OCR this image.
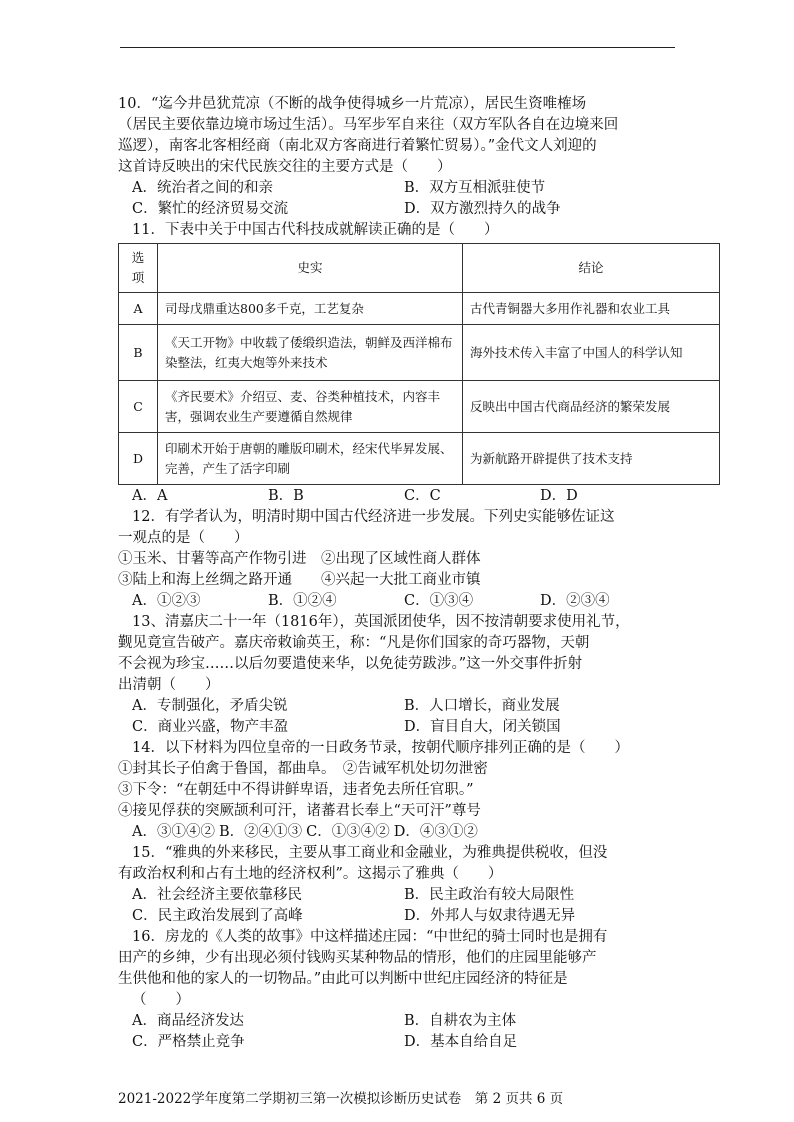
10．“迄今井邑犹荒凉（不断的战争使得城乡一片荒凉），居民生资唯榷场
（居民主要依靠边境市场过生活）。马军步军自来往（双方军队各自在边境来回
巡逻），南客北客相经商（南北双方客商进行着繁忙贸易）。”金代文人刘迎的
这首诗反映出的宋代民族交往的主要方式是（　　）
A．统治者之间的和亲	B．双方互相派驻使节
C．繁忙的经济贸易交流	D．双方激烈持久的战争
11．下表中关于中国古代科技成就解读正确的是（　　）
选项	史实	结论
A	司母戊鼎重达800多千克，工艺复杂	古代青铜器大多用作礼器和农业工具
B	《天工开物》中收载了倭缎织造法，朝鲜及西洋棉布染整法，红夷大炮等外来技术	海外技术传入丰富了中国人的科学认知
C	《齐民要术》介绍豆、麦、谷类种植技术，内容丰害，强调农业生产要遵循自然规律	反映出中国古代商品经济的繁荣发展
D	印刷术开始于唐朝的雕版印刷术，经宋代毕昇发展、完善，产生了活字印刷	为新航路开辟提供了技术支持
A．A	B．B	C．C	D．D
12．有学者认为，明清时期中国古代经济进一步发展。下列史实能够佐证这
一观点的是（　　）
①玉米、甘薯等高产作物引进　②出现了区域性商人群体
③陆上和海上丝绸之路开通　　④兴起一大批工商业市镇
A．①②③	B．①②④	C．①③④	D．②③④
13、清嘉庆二十一年（1816年），英国派团使华，因不按清朝要求使用礼节，
觐见竟宣告破产。嘉庆帝敕谕英王，称：“凡是你们国家的奇巧器物，天朝
不会视为珍宝……以后勿要遣使来华，以免徒劳跋涉。”这一外交事件折射
出清朝（　　）
A．专制强化，矛盾尖锐	B．人口增长，商业发展
C．商业兴盛，物产丰盈	D．盲目自大，闭关锁国
14．以下材料为四位皇帝的一日政务节录，按朝代顺序排列正确的是（　　）
①封其长子伯禽于鲁国，都曲阜。　②告诫军机处切勿泄密
③下令：“在朝廷中不得讲鲜卑语，违者免去所任官职。”
④接见俘获的突厥颉利可汗，诸蕃君长奉上“天可汗”尊号
A．③①④② B．②④①③ C．①③④② D．④③①②
15．“雅典的外来移民，主要从事工商业和金融业，为雅典提供税收，但没
有政治权利和占有土地的经济权利”。这揭示了雅典（　　）
A．社会经济主要依靠移民	B．民主政治有较大局限性
C．民主政治发展到了高峰	D．外邦人与奴隶待遇无异
16．房龙的《人类的故事》中这样描述庄园：“中世纪的骑士同时也是拥有
田产的乡绅，少有出现必须付钱购买某种物品的情形，他们的庄园里能够产
生供他和他的家人的一切物品。”由此可以判断中世纪庄园经济的特征是
（　　）
A．商品经济发达	B．自耕农为主体
C．严格禁止竞争	D．基本自给自足
2021-2022学年度第二学期初三第一次模拟诊断历史试卷　第 2 页共 6 页
